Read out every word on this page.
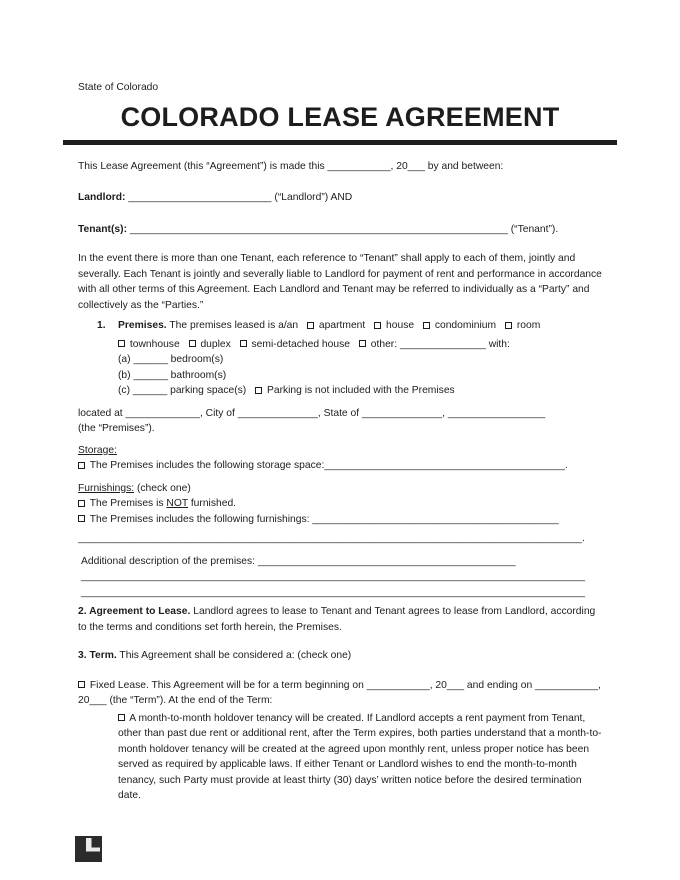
State of Colorado
COLORADO LEASE AGREEMENT

This Lease Agreement (this “Agreement”) is made this ___________, 20___ by and between:

Landlord: _________________________ (“Landlord”) AND

Tenant(s): __________________________________________________________________ (“Tenant”).

In the event there is more than one Tenant, each reference to “Tenant” shall apply to each of them, jointly and severally. Each Tenant is jointly and severally liable to Landlord for payment of rent and performance in accordance with all other terms of this Agreement. Each Landlord and Tenant may be referred to individually as a “Party” and collectively as the “Parties.”

1. Premises. The premises leased is a/an apartment house condominium room
townhouse duplex semi-detached house other: _______________ with:
(a) ______ bedroom(s)
(b) ______ bathroom(s)
(c) ______ parking space(s) Parking is not included with the Premises
located at _____________, City of ______________, State of ______________, _________________
(the “Premises”).
Storage:
The Premises includes the following storage space:__________________________________________.
Furnishings: (check one)
The Premises is NOT furnished.
The Premises includes the following furnishings: ___________________________________________
________________________________________________________________________________________.
Additional description of the premises: _____________________________________________
________________________________________________________________________________________
________________________________________________________________________________________

2. Agreement to Lease. Landlord agrees to lease to Tenant and Tenant agrees to lease from Landlord, according to the terms and conditions set forth herein, the Premises.

3. Term. This Agreement shall be considered a: (check one)

Fixed Lease. This Agreement will be for a term beginning on ___________, 20___ and ending on ___________, 20___ (the “Term”). At the end of the Term:

A month-to-month holdover tenancy will be created. If Landlord accepts a rent payment from Tenant, other than past due rent or additional rent, after the Term expires, both parties understand that a month-to-month holdover tenancy will be created at the agreed upon monthly rent, unless proper notice has been served as required by applicable laws. If either Tenant or Landlord wishes to end the month-to-month tenancy, such Party must provide at least thirty (30) days’ written notice before the desired termination date.
